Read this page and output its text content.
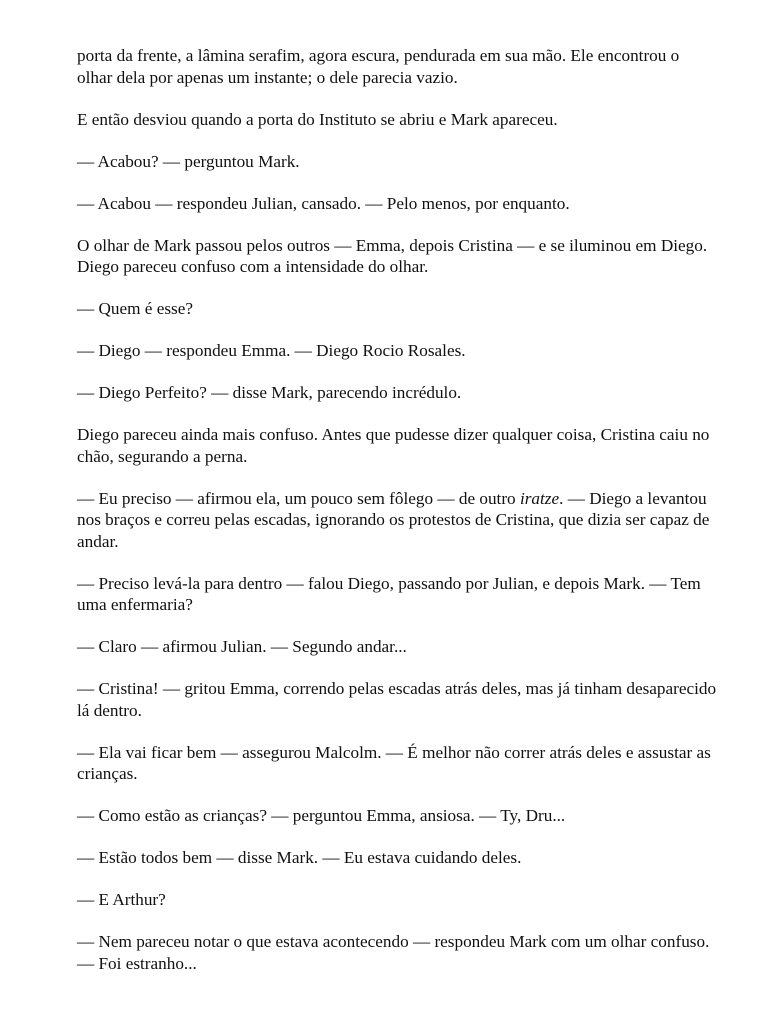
porta da frente, a lâmina serafim, agora escura, pendurada em sua mão. Ele encontrou o olhar dela por apenas um instante; o dele parecia vazio.

E então desviou quando a porta do Instituto se abriu e Mark apareceu.

— Acabou? — perguntou Mark.

— Acabou — respondeu Julian, cansado. — Pelo menos, por enquanto.

O olhar de Mark passou pelos outros — Emma, depois Cristina — e se iluminou em Diego. Diego pareceu confuso com a intensidade do olhar.

— Quem é esse?

— Diego — respondeu Emma. — Diego Rocio Rosales.

— Diego Perfeito? — disse Mark, parecendo incrédulo.

Diego pareceu ainda mais confuso. Antes que pudesse dizer qualquer coisa, Cristina caiu no chão, segurando a perna.

— Eu preciso — afirmou ela, um pouco sem fôlego — de outro iratze. — Diego a levantou nos braços e correu pelas escadas, ignorando os protestos de Cristina, que dizia ser capaz de andar.

— Preciso levá-la para dentro — falou Diego, passando por Julian, e depois Mark. — Tem uma enfermaria?

— Claro — afirmou Julian. — Segundo andar...

— Cristina! — gritou Emma, correndo pelas escadas atrás deles, mas já tinham desaparecido lá dentro.

— Ela vai ficar bem — assegurou Malcolm. — É melhor não correr atrás deles e assustar as crianças.

— Como estão as crianças? — perguntou Emma, ansiosa. — Ty, Dru...

— Estão todos bem — disse Mark. — Eu estava cuidando deles.

— E Arthur?

— Nem pareceu notar o que estava acontecendo — respondeu Mark com um olhar confuso. — Foi estranho...
